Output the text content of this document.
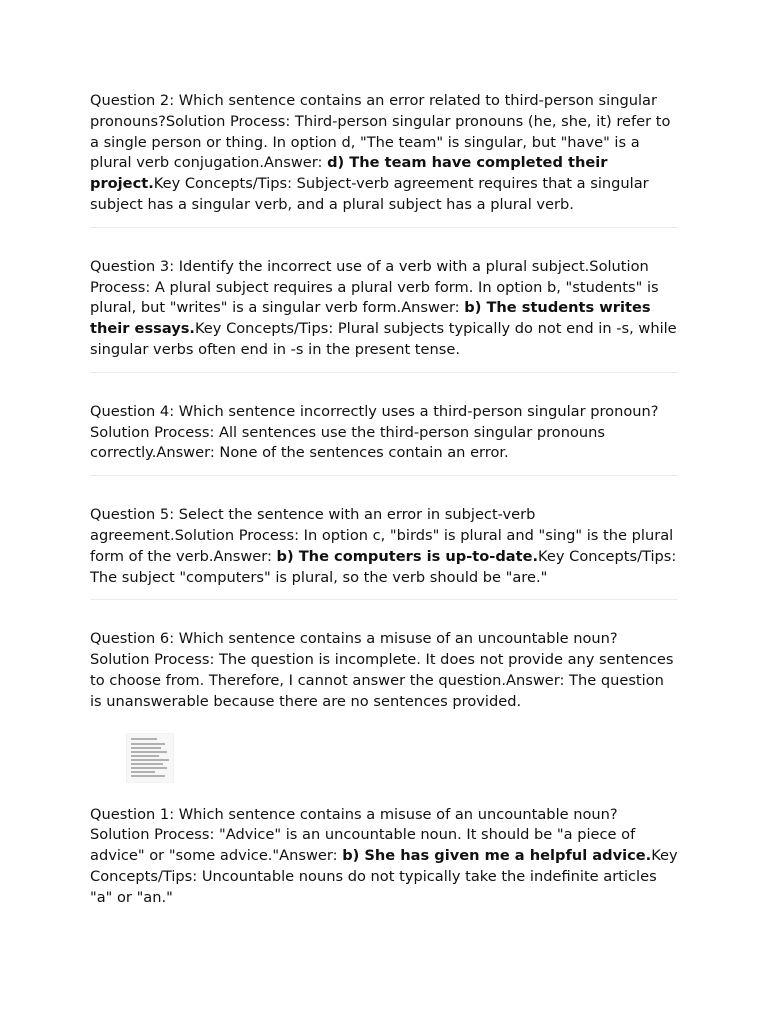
Question 2: Which sentence contains an error related to third-person singular pronouns?Solution Process: Third-person singular pronouns (he, she, it) refer to a single person or thing. In option d, "The team" is singular, but "have" is a plural verb conjugation.Answer: d) The team have completed their project.Key Concepts/Tips: Subject-verb agreement requires that a singular subject has a singular verb, and a plural subject has a plural verb.

Question 3: Identify the incorrect use of a verb with a plural subject.Solution Process: A plural subject requires a plural verb form. In option b, "students" is plural, but "writes" is a singular verb form.Answer: b) The students writes their essays.Key Concepts/Tips: Plural subjects typically do not end in -s, while singular verbs often end in -s in the present tense.

Question 4: Which sentence incorrectly uses a third-person singular pronoun? Solution Process: All sentences use the third-person singular pronouns correctly.Answer: None of the sentences contain an error.

Question 5: Select the sentence with an error in subject-verb agreement.Solution Process: In option c, "birds" is plural and "sing" is the plural form of the verb.Answer: b) The computers is up-to-date.Key Concepts/Tips: The subject "computers" is plural, so the verb should be "are."

Question 6: Which sentence contains a misuse of an uncountable noun? Solution Process: The question is incomplete. It does not provide any sentences to choose from. Therefore, I cannot answer the question.Answer: The question is unanswerable because there are no sentences provided.

Question 1: Which sentence contains a misuse of an uncountable noun? Solution Process: "Advice" is an uncountable noun. It should be "a piece of advice" or "some advice."Answer: b) She has given me a helpful advice.Key Concepts/Tips: Uncountable nouns do not typically take the indefinite articles "a" or "an."
